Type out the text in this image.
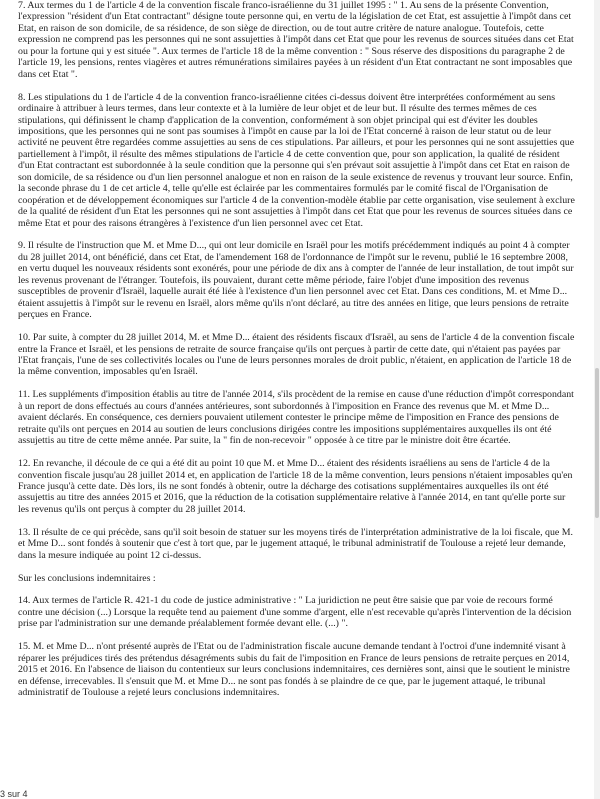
7. Aux termes du 1 de l'article 4 de la convention fiscale franco-israélienne du 31 juillet 1995 : " 1. Au sens de la présente Convention, l'expression "résident d'un Etat contractant" désigne toute personne qui, en vertu de la législation de cet Etat, est assujettie à l'impôt dans cet Etat, en raison de son domicile, de sa résidence, de son siège de direction, ou de tout autre critère de nature analogue. Toutefois, cette expression ne comprend pas les personnes qui ne sont assujetties à l'impôt dans cet Etat que pour les revenus de sources situées dans cet Etat ou pour la fortune qui y est située ". Aux termes de l'article 18 de la même convention : " Sous réserve des dispositions du paragraphe 2 de l'article 19, les pensions, rentes viagères et autres rémunérations similaires payées à un résident d'un Etat contractant ne sont imposables que dans cet Etat ".

8. Les stipulations du 1 de l'article 4 de la convention franco-israélienne citées ci-dessus doivent être interprétées conformément au sens ordinaire à attribuer à leurs termes, dans leur contexte et à la lumière de leur objet et de leur but. Il résulte des termes mêmes de ces stipulations, qui définissent le champ d'application de la convention, conformément à son objet principal qui est d'éviter les doubles impositions, que les personnes qui ne sont pas soumises à l'impôt en cause par la loi de l'Etat concerné à raison de leur statut ou de leur activité ne peuvent être regardées comme assujetties au sens de ces stipulations. Par ailleurs, et pour les personnes qui ne sont assujetties que partiellement à l'impôt, il résulte des mêmes stipulations de l'article 4 de cette convention que, pour son application, la qualité de résident d'un Etat contractant est subordonnée à la seule condition que la personne qui s'en prévaut soit assujettie à l'impôt dans cet Etat en raison de son domicile, de sa résidence ou d'un lien personnel analogue et non en raison de la seule existence de revenus y trouvant leur source. Enfin, la seconde phrase du 1 de cet article 4, telle qu'elle est éclairée par les commentaires formulés par le comité fiscal de l'Organisation de coopération et de développement économiques sur l'article 4 de la convention-modèle établie par cette organisation, vise seulement à exclure de la qualité de résident d'un Etat les personnes qui ne sont assujetties à l'impôt dans cet Etat que pour les revenus de sources situées dans ce même Etat et pour des raisons étrangères à l'existence d'un lien personnel avec cet Etat.

9. Il résulte de l'instruction que M. et Mme D..., qui ont leur domicile en Israël pour les motifs précédemment indiqués au point 4 à compter du 28 juillet 2014, ont bénéficié, dans cet Etat, de l'amendement 168 de l'ordonnance de l'impôt sur le revenu, publié le 16 septembre 2008, en vertu duquel les nouveaux résidents sont exonérés, pour une période de dix ans à compter de l'année de leur installation, de tout impôt sur les revenus provenant de l'étranger. Toutefois, ils pouvaient, durant cette même période, faire l'objet d'une imposition des revenus susceptibles de provenir d'Israël, laquelle aurait été liée à l'existence d'un lien personnel avec cet Etat. Dans ces conditions, M. et Mme D... étaient assujettis à l'impôt sur le revenu en Israël, alors même qu'ils n'ont déclaré, au titre des années en litige, que leurs pensions de retraite perçues en France.

10. Par suite, à compter du 28 juillet 2014, M. et Mme D... étaient des résidents fiscaux d'Israël, au sens de l'article 4 de la convention fiscale entre la France et Israël, et les pensions de retraite de source française qu'ils ont perçues à partir de cette date, qui n'étaient pas payées par l'Etat français, l'une de ses collectivités locales ou l'une de leurs personnes morales de droit public, n'étaient, en application de l'article 18 de la même convention, imposables qu'en Israël.

11. Les suppléments d'imposition établis au titre de l'année 2014, s'ils procèdent de la remise en cause d'une réduction d'impôt correspondant à un report de dons effectués au cours d'années antérieures, sont subordonnés à l'imposition en France des revenus que M. et Mme D... avaient déclarés. En conséquence, ces derniers pouvaient utilement contester le principe même de l'imposition en France des pensions de retraite qu'ils ont perçues en 2014 au soutien de leurs conclusions dirigées contre les impositions supplémentaires auxquelles ils ont été assujettis au titre de cette même année. Par suite, la " fin de non-recevoir " opposée à ce titre par le ministre doit être écartée.

12. En revanche, il découle de ce qui a été dit au point 10 que M. et Mme D... étaient des résidents israéliens au sens de l'article 4 de la convention fiscale jusqu'au 28 juillet 2014 et, en application de l'article 18 de la même convention, leurs pensions n'étaient imposables qu'en France jusqu'à cette date. Dès lors, ils ne sont fondés à obtenir, outre la décharge des cotisations supplémentaires auxquelles ils ont été assujettis au titre des années 2015 et 2016, que la réduction de la cotisation supplémentaire relative à l'année 2014, en tant qu'elle porte sur les revenus qu'ils ont perçus à compter du 28 juillet 2014.

13. Il résulte de ce qui précède, sans qu'il soit besoin de statuer sur les moyens tirés de l'interprétation administrative de la loi fiscale, que M. et Mme D... sont fondés à soutenir que c'est à tort que, par le jugement attaqué, le tribunal administratif de Toulouse a rejeté leur demande, dans la mesure indiquée au point 12 ci-dessus.

Sur les conclusions indemnitaires :

14. Aux termes de l'article R. 421-1 du code de justice administrative : " La juridiction ne peut être saisie que par voie de recours formé contre une décision (...) Lorsque la requête tend au paiement d'une somme d'argent, elle n'est recevable qu'après l'intervention de la décision prise par l'administration sur une demande préalablement formée devant elle. (...) ".

15. M. et Mme D... n'ont présenté auprès de l'Etat ou de l'administration fiscale aucune demande tendant à l'octroi d'une indemnité visant à réparer les préjudices tirés des prétendus désagréments subis du fait de l'imposition en France de leurs pensions de retraite perçues en 2014, 2015 et 2016. En l'absence de liaison du contentieux sur leurs conclusions indemnitaires, ces dernières sont, ainsi que le soutient le ministre en défense, irrecevables. Il s'ensuit que M. et Mme D... ne sont pas fondés à se plaindre de ce que, par le jugement attaqué, le tribunal administratif de Toulouse a rejeté leurs conclusions indemnitaires.

3 sur 4
